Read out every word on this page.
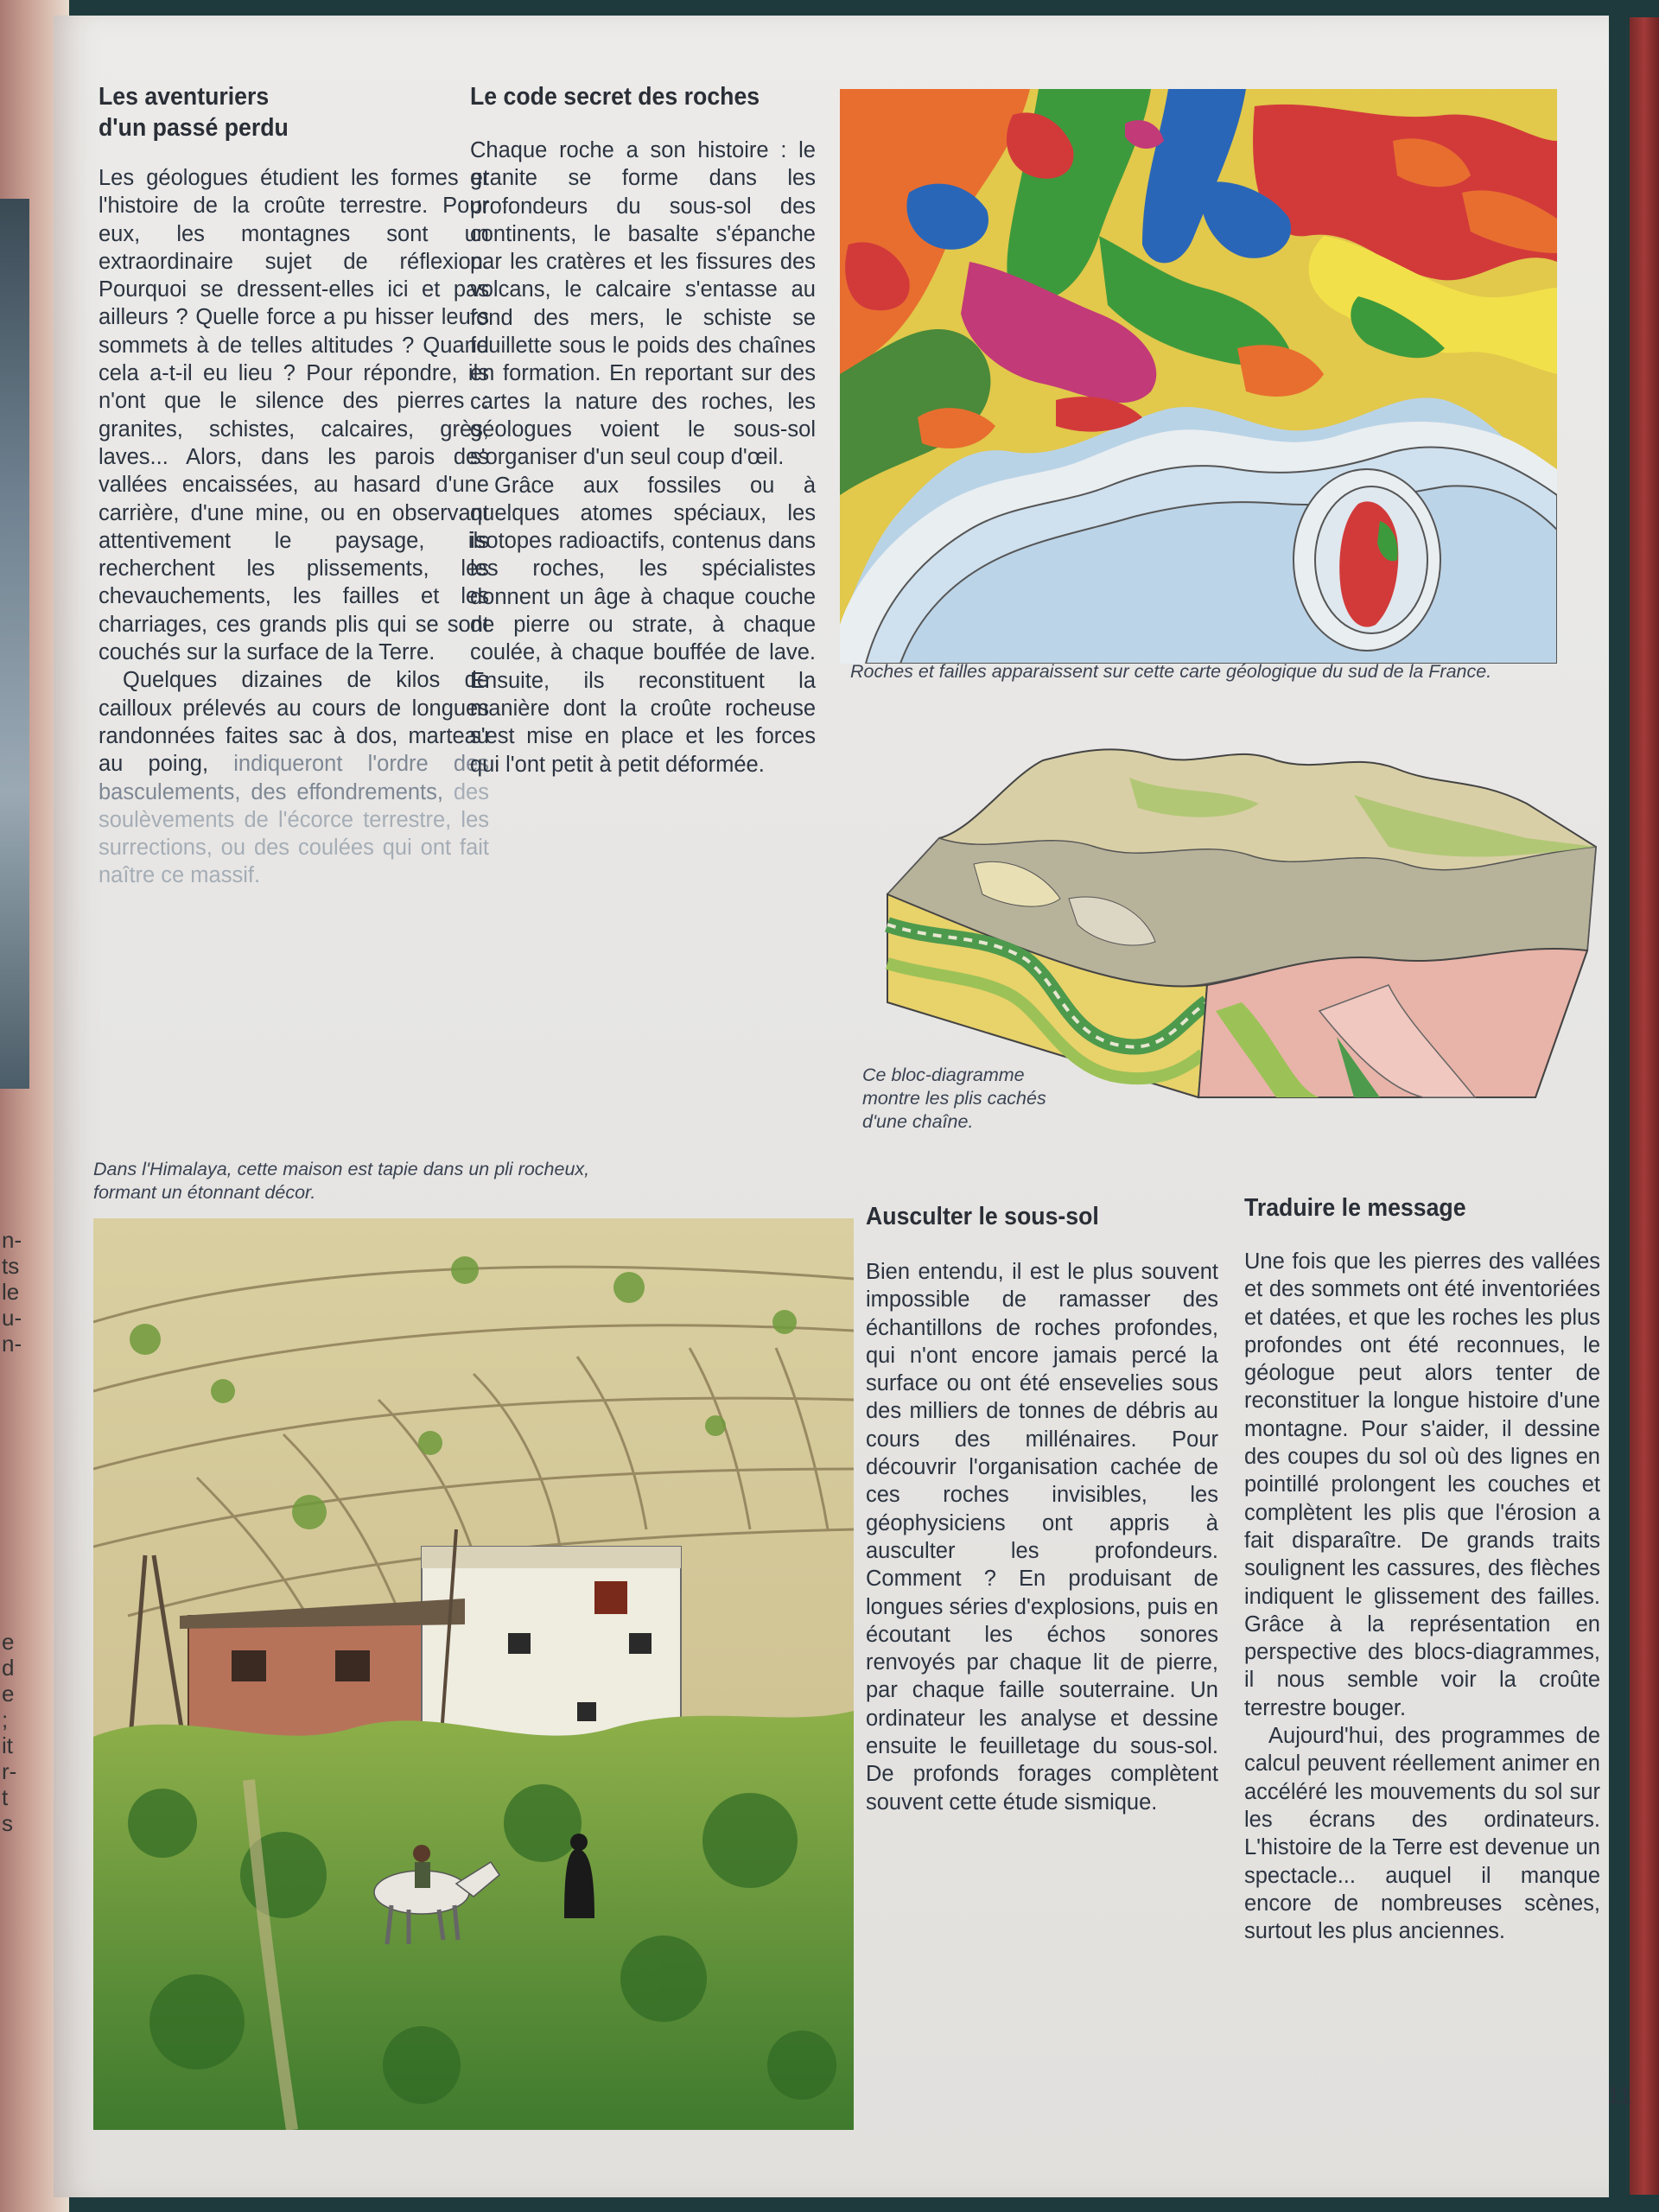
n-
ts
le
u-
n-
e
d
e
;
it
r-
t
s
Les aventuriers
d'un passé perdu

Les géologues étudient les formes et l'histoire de la croûte terrestre. Pour eux, les montagnes sont un extraordinaire sujet de réflexion. Pourquoi se dressent-elles ici et pas ailleurs ? Quelle force a pu hisser leurs sommets à de telles altitudes ? Quand cela a-t-il eu lieu ? Pour répondre, ils n'ont que le silence des pierres : granites, schistes, calcaires, grès, laves... Alors, dans les parois des vallées encaissées, au hasard d'une carrière, d'une mine, ou en observant attentivement le paysage, ils recherchent les plissements, les chevauchements, les failles et les charriages, ces grands plis qui se sont couchés sur la surface de la Terre.

Quelques dizaines de kilos de cailloux prélevés au cours de longues randonnées faites sac à dos, marteau au poing, indiqueront l'ordre des basculements, des effondrements, des soulèvements de l'écorce terrestre, les surrections, ou des coulées qui ont fait naître ce massif.

Le code secret des roches

Chaque roche a son histoire : le granite se forme dans les profondeurs du sous-sol des continents, le basalte s'épanche par les cratères et les fissures des volcans, le calcaire s'entasse au fond des mers, le schiste se feuillette sous le poids des chaînes en formation. En reportant sur des cartes la nature des roches, les géologues voient le sous-sol s'organiser d'un seul coup d'œil.

Grâce aux fossiles ou à quelques atomes spéciaux, les isotopes radioactifs, contenus dans les roches, les spécialistes donnent un âge à chaque couche de pierre ou strate, à chaque coulée, à chaque bouffée de lave. Ensuite, ils reconstituent la manière dont la croûte rocheuse s'est mise en place et les forces qui l'ont petit à petit déformée.

Roches et failles apparaissent sur cette carte géologique du sud de la France.
Ce bloc-diagramme
montre les plis cachés
d'une chaîne.
Dans l'Himalaya, cette maison est tapie dans un pli rocheux,
formant un étonnant décor.
Ausculter le sous-sol

Bien entendu, il est le plus souvent impossible de ramasser des échantillons de roches profondes, qui n'ont encore jamais percé la surface ou ont été ensevelies sous des milliers de tonnes de débris au cours des millénaires. Pour découvrir l'organisation cachée de ces roches invisibles, les géophysiciens ont appris à ausculter les profondeurs. Comment ? En produisant de longues séries d'explosions, puis en écoutant les échos sonores renvoyés par chaque lit de pierre, par chaque faille souterraine. Un ordinateur les analyse et dessine ensuite le feuilletage du sous-sol. De profonds forages complètent souvent cette étude sismique.

Traduire le message

Une fois que les pierres des vallées et des sommets ont été inventoriées et datées, et que les roches les plus profondes ont été reconnues, le géologue peut alors tenter de reconstituer la longue histoire d'une montagne. Pour s'aider, il dessine des coupes du sol où des lignes en pointillé prolongent les couches et complètent les plis que l'érosion a fait disparaître. De grands traits soulignent les cassures, des flèches indiquent le glissement des failles. Grâce à la représentation en perspective des blocs-diagrammes, il nous semble voir la croûte terrestre bouger.

Aujourd'hui, des programmes de calcul peuvent réellement animer en accéléré les mouvements du sol sur les écrans des ordinateurs. L'histoire de la Terre est devenue un spectacle... auquel il manque encore de nombreuses scènes, surtout les plus anciennes.

11
